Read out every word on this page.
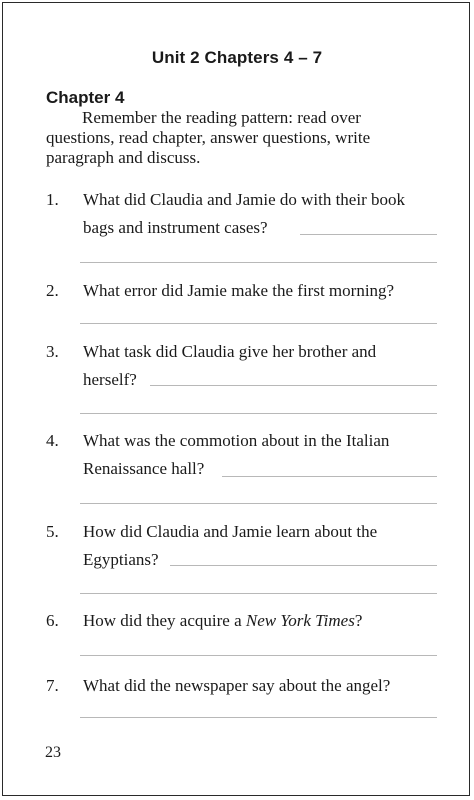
Unit 2 Chapters 4 – 7
Chapter 4
Remember the reading pattern: read over
questions, read chapter, answer questions, write
paragraph and discuss.
1. What did Claudia and Jamie do with their book
bags and instrument cases?
2. What error did Jamie make the first morning?
3. What task did Claudia give her brother and
herself?
4. What was the commotion about in the Italian
Renaissance hall?
5. How did Claudia and Jamie learn about the
Egyptians?
6. How did they acquire a New York Times?
7. What did the newspaper say about the angel?

23
